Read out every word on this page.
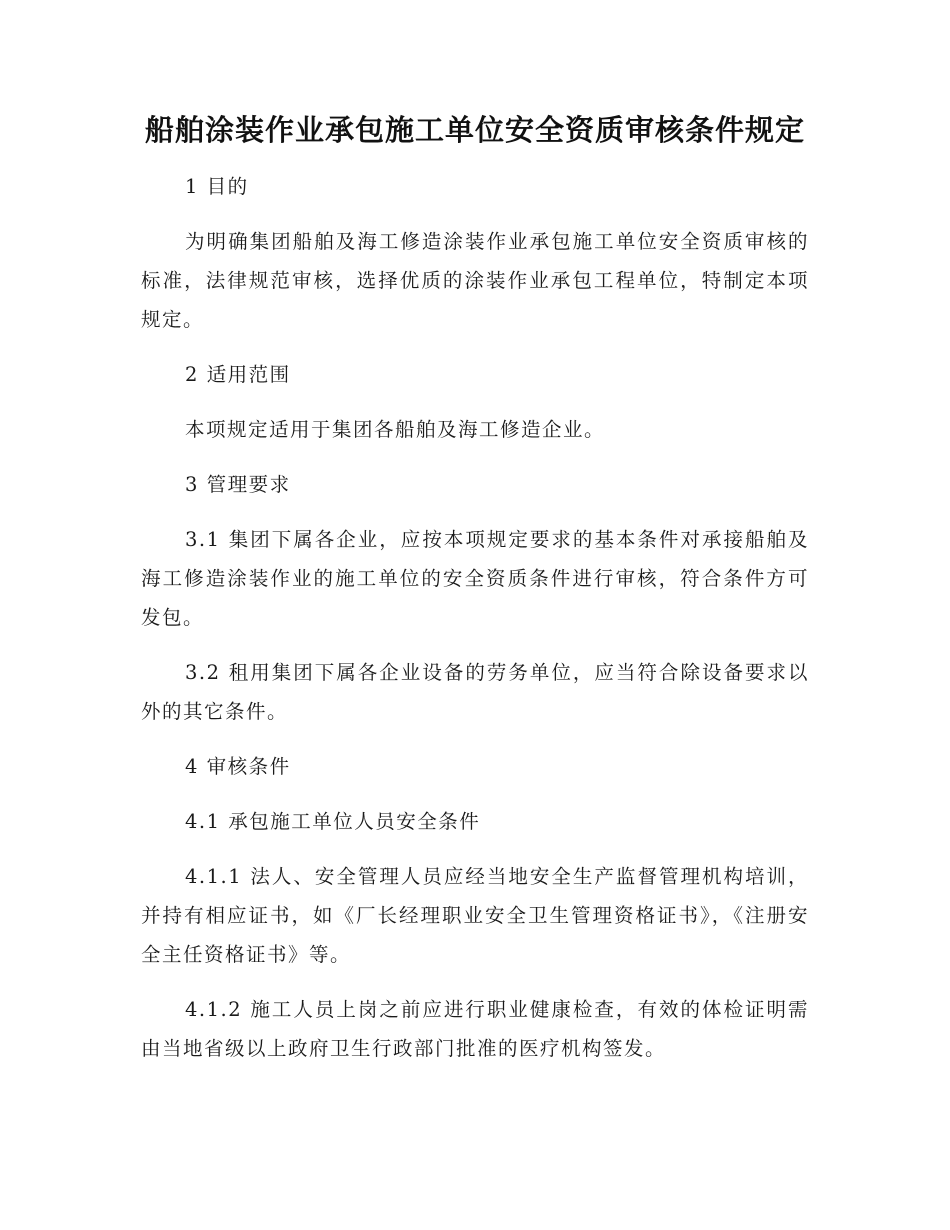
船舶涂装作业承包施工单位安全资质审核条件规定

1 目的

为明确集团船舶及海工修造涂装作业承包施工单位安全资质审核的标准，法律规范审核，选择优质的涂装作业承包工程单位，特制定本项规定。

2 适用范围

本项规定适用于集团各船舶及海工修造企业。

3 管理要求

3.1 集团下属各企业，应按本项规定要求的基本条件对承接船舶及海工修造涂装作业的施工单位的安全资质条件进行审核，符合条件方可发包。

3.2 租用集团下属各企业设备的劳务单位，应当符合除设备要求以外的其它条件。

4 审核条件

4.1 承包施工单位人员安全条件

4.1.1 法人、安全管理人员应经当地安全生产监督管理机构培训，并持有相应证书，如《厂长经理职业安全卫生管理资格证书》，《注册安全主任资格证书》等。

4.1.2 施工人员上岗之前应进行职业健康检查，有效的体检证明需由当地省级以上政府卫生行政部门批准的医疗机构签发。
